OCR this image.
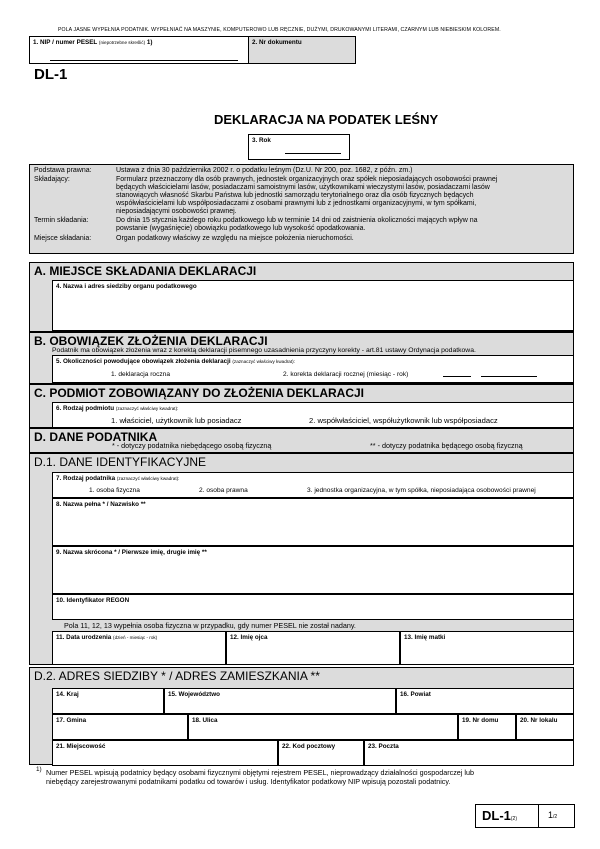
POLA JASNE WYPEŁNIA PODATNIK. WYPEŁNIAĆ NA MASZYNIE, KOMPUTEROWO LUB RĘCZNIE, DUŻYMI, DRUKOWANYMI LITERAMI, CZARNYM LUB NIEBIESKIM KOLOREM.
1. NIP / numer PESEL (niepotrzebne skreślić) 1)	2. Nr dokumentu
DL-1
DEKLARACJA NA PODATEK LEŚNY
3. Rok
Podstawa prawna:	Ustawa z dnia 30 października 2002 r. o podatku leśnym (Dz.U. Nr 200, poz. 1682, z późn. zm.)
Składający:	Formularz przeznaczony dla osób prawnych, jednostek organizacyjnych oraz spółek nieposiadających osobowości prawnej
będących właścicielami lasów, posiadaczami samoistnymi lasów, użytkownikami wieczystymi lasów, posiadaczami lasów
stanowiących własność Skarbu Państwa lub jednostki samorządu terytorialnego oraz dla osób fizycznych będących
współwłaścicielami lub współposiadaczami z osobami prawnymi lub z jednostkami organizacyjnymi, w tym spółkami,
nieposiadającymi osobowości prawnej.
Termin składania:	Do dnia 15 stycznia każdego roku podatkowego lub w terminie 14 dni od zaistnienia okoliczności mających wpływ na
powstanie (wygaśnięcie) obowiązku podatkowego lub wysokość opodatkowania.
Miejsce składania:	Organ podatkowy właściwy ze względu na miejsce położenia nieruchomości.
A. MIEJSCE SKŁADANIA DEKLARACJI
4. Nazwa i adres siedziby organu podatkowego
B. OBOWIĄZEK ZŁOŻENIA DEKLARACJI
Podatnik ma obowiązek złożenia wraz z korektą deklaracji pisemnego uzasadnienia przyczyny korekty - art.81 ustawy Ordynacja podatkowa.
5. Okoliczności powodujące obowiązek złożenia deklaracji (zaznaczyć właściwy kwadrat):
1. deklaracja roczna	2. korekta deklaracji rocznej (miesiąc - rok)
C. PODMIOT ZOBOWIĄZANY DO ZŁOŻENIA DEKLARACJI
6. Rodzaj podmiotu (zaznaczyć właściwy kwadrat):
1. właściciel, użytkownik lub posiadacz	2. współwłaściciel, współużytkownik lub współposiadacz
D. DANE PODATNIKA
* - dotyczy podatnika niebędącego osobą fizyczną	** - dotyczy podatnika będącego osobą fizyczną
D.1. DANE IDENTYFIKACYJNE
7. Rodzaj podatnika (zaznaczyć właściwy kwadrat):
1. osoba fizyczna	2. osoba prawna	3. jednostka organizacyjna, w tym spółka, nieposiadająca osobowości prawnej
8. Nazwa pełna * / Nazwisko **
9. Nazwa skrócona * / Pierwsze imię, drugie imię **
10. Identyfikator REGON
Pola 11, 12, 13 wypełnia osoba fizyczna w przypadku, gdy numer PESEL nie został nadany.
11. Data urodzenia (dzień - miesiąc - rok)	12. Imię ojca	13. Imię matki
D.2. ADRES SIEDZIBY * / ADRES ZAMIESZKANIA **
14. Kraj	15. Województwo	16. Powiat
17. Gmina	18. Ulica	19. Nr domu	20. Nr lokalu
21. Miejscowość	22. Kod pocztowy	23. Poczta
1) Numer PESEL wpisują podatnicy będący osobami fizycznymi objętymi rejestrem PESEL, nieprowadzący działalności gospodarczej lub
niebędący zarejestrowanymi podatnikami podatku od towarów i usług. Identyfikator podatkowy NIP wpisują pozostali podatnicy.
DL-1(2)	1/2
